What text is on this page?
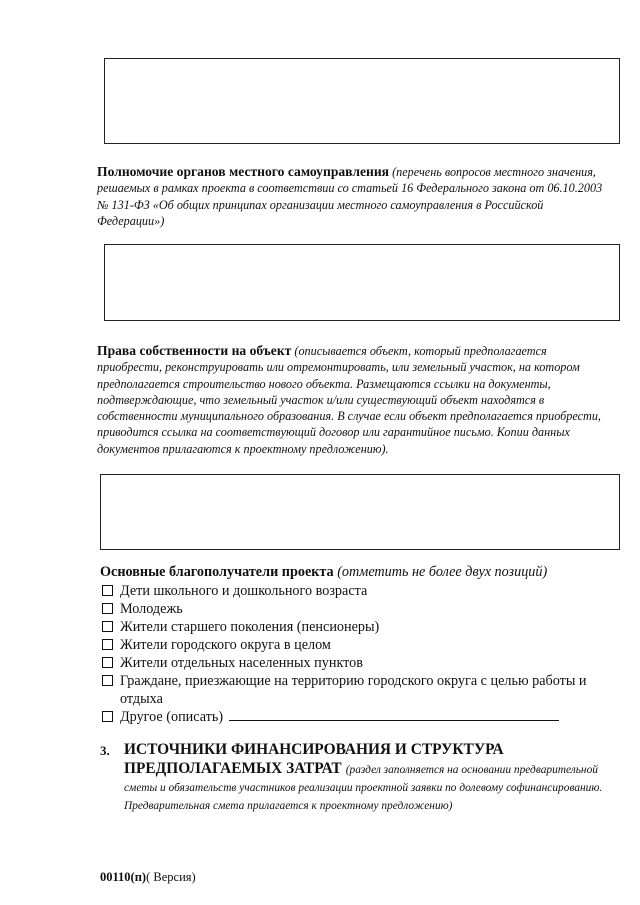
Полномочие органов местного самоуправления (перечень вопросов местного значения, решаемых в рамках проекта в соответствии со статьей 16 Федерального закона от 06.10.2003 № 131-ФЗ «Об общих принципах организации местного самоуправления в Российской Федерации»)
Права собственности на объект (описывается объект, который предполагается приобрести, реконструировать или отремонтировать, или земельный участок, на котором предполагается строительство нового объекта. Размещаются ссылки на документы, подтверждающие, что земельный участок и/или существующий объект находятся в собственности муниципального образования. В случае если объект предполагается приобрести, приводится ссылка на соответствующий договор или гарантийное письмо. Копии данных документов прилагаются к проектному предложению).
Основные благополучатели проекта (отметить не более двух позиций)
Дети школьного и дошкольного возраста
Молодежь
Жители старшего поколения (пенсионеры)
Жители городского округа в целом
Жители отдельных населенных пунктов
Граждане, приезжающие на территорию городского округа с целью работы и отдыха
Другое (описать)
3. ИСТОЧНИКИ ФИНАНСИРОВАНИЯ И СТРУКТУРА ПРЕДПОЛАГАЕМЫХ ЗАТРАТ (раздел заполняется на основании предварительной сметы и обязательств участников реализации проектной заявки по долевому софинансированию. Предварительная смета прилагается к проектному предложению)
00110(п)( Версия)
